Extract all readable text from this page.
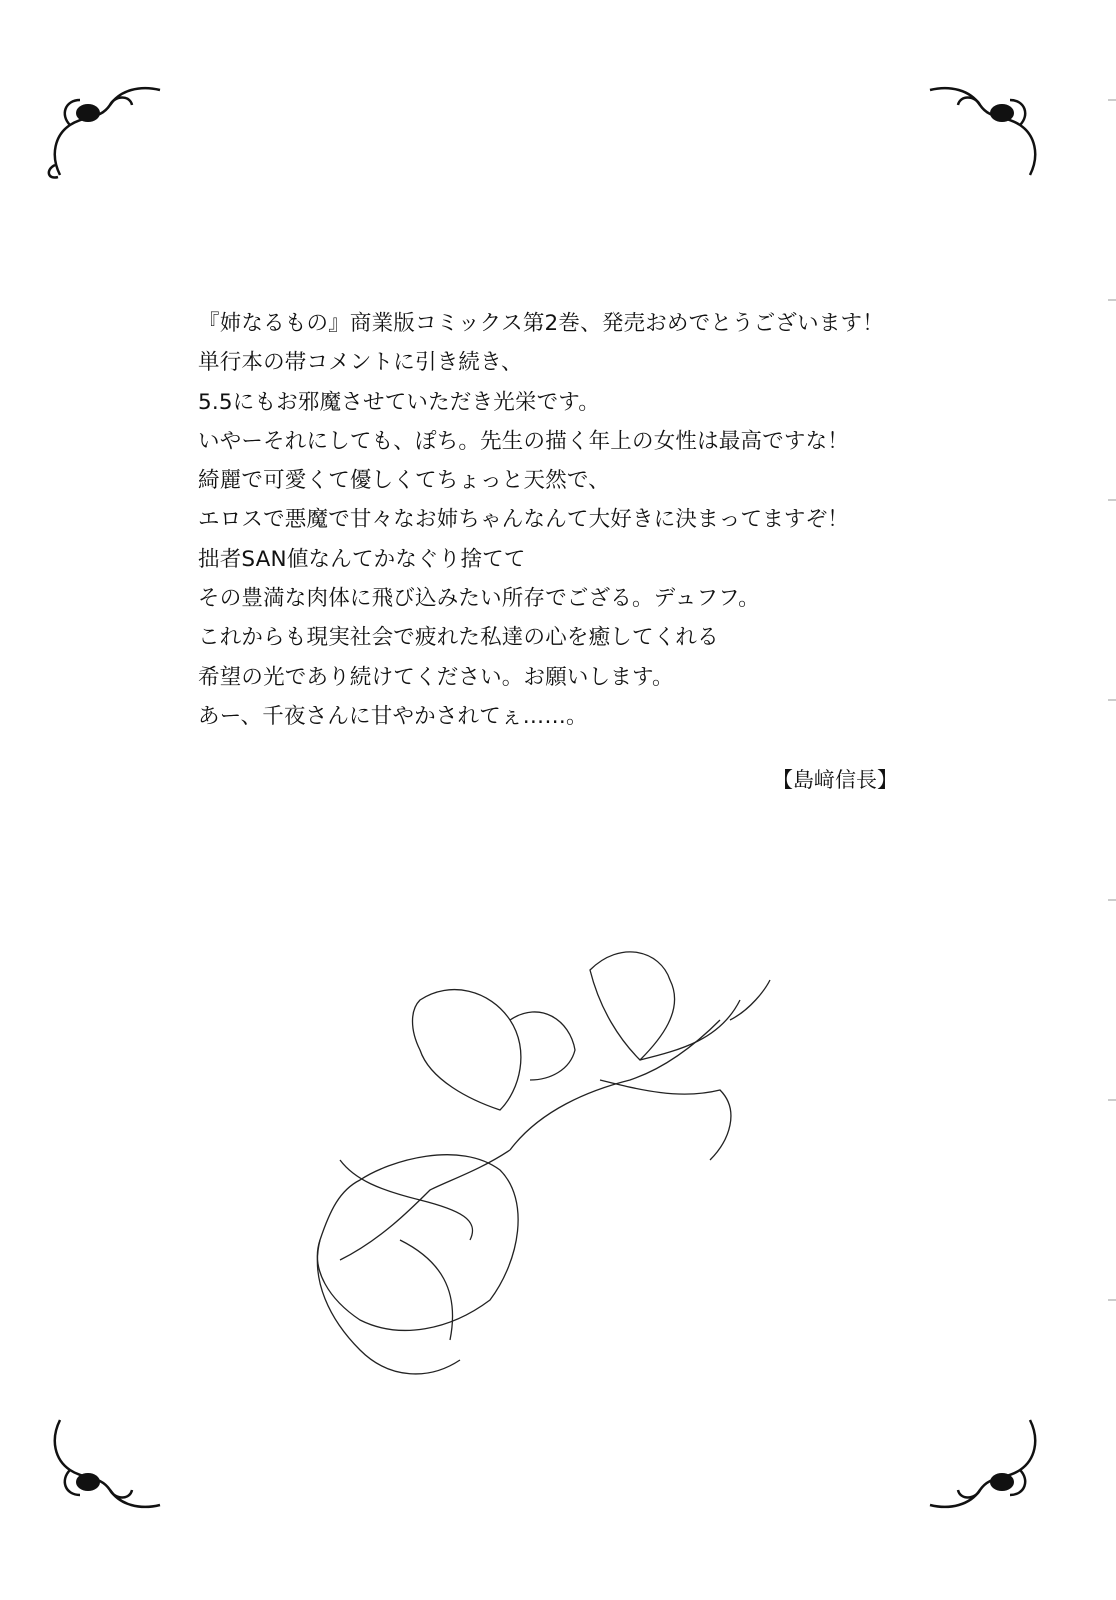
『姉なるもの』商業版コミックス第2巻、発売おめでとうございます！
単行本の帯コメントに引き続き、
5.5にもお邪魔させていただき光栄です。
いやーそれにしても、ぽち。先生の描く年上の女性は最高ですな！
綺麗で可愛くて優しくてちょっと天然で、
エロスで悪魔で甘々なお姉ちゃんなんて大好きに決まってますぞ！
拙者SAN値なんてかなぐり捨てて
その豊満な肉体に飛び込みたい所存でござる。デュフフ。
これからも現実社会で疲れた私達の心を癒してくれる
希望の光であり続けてください。お願いします。
あー、千夜さんに甘やかされてぇ……。
【島﨑信長】
